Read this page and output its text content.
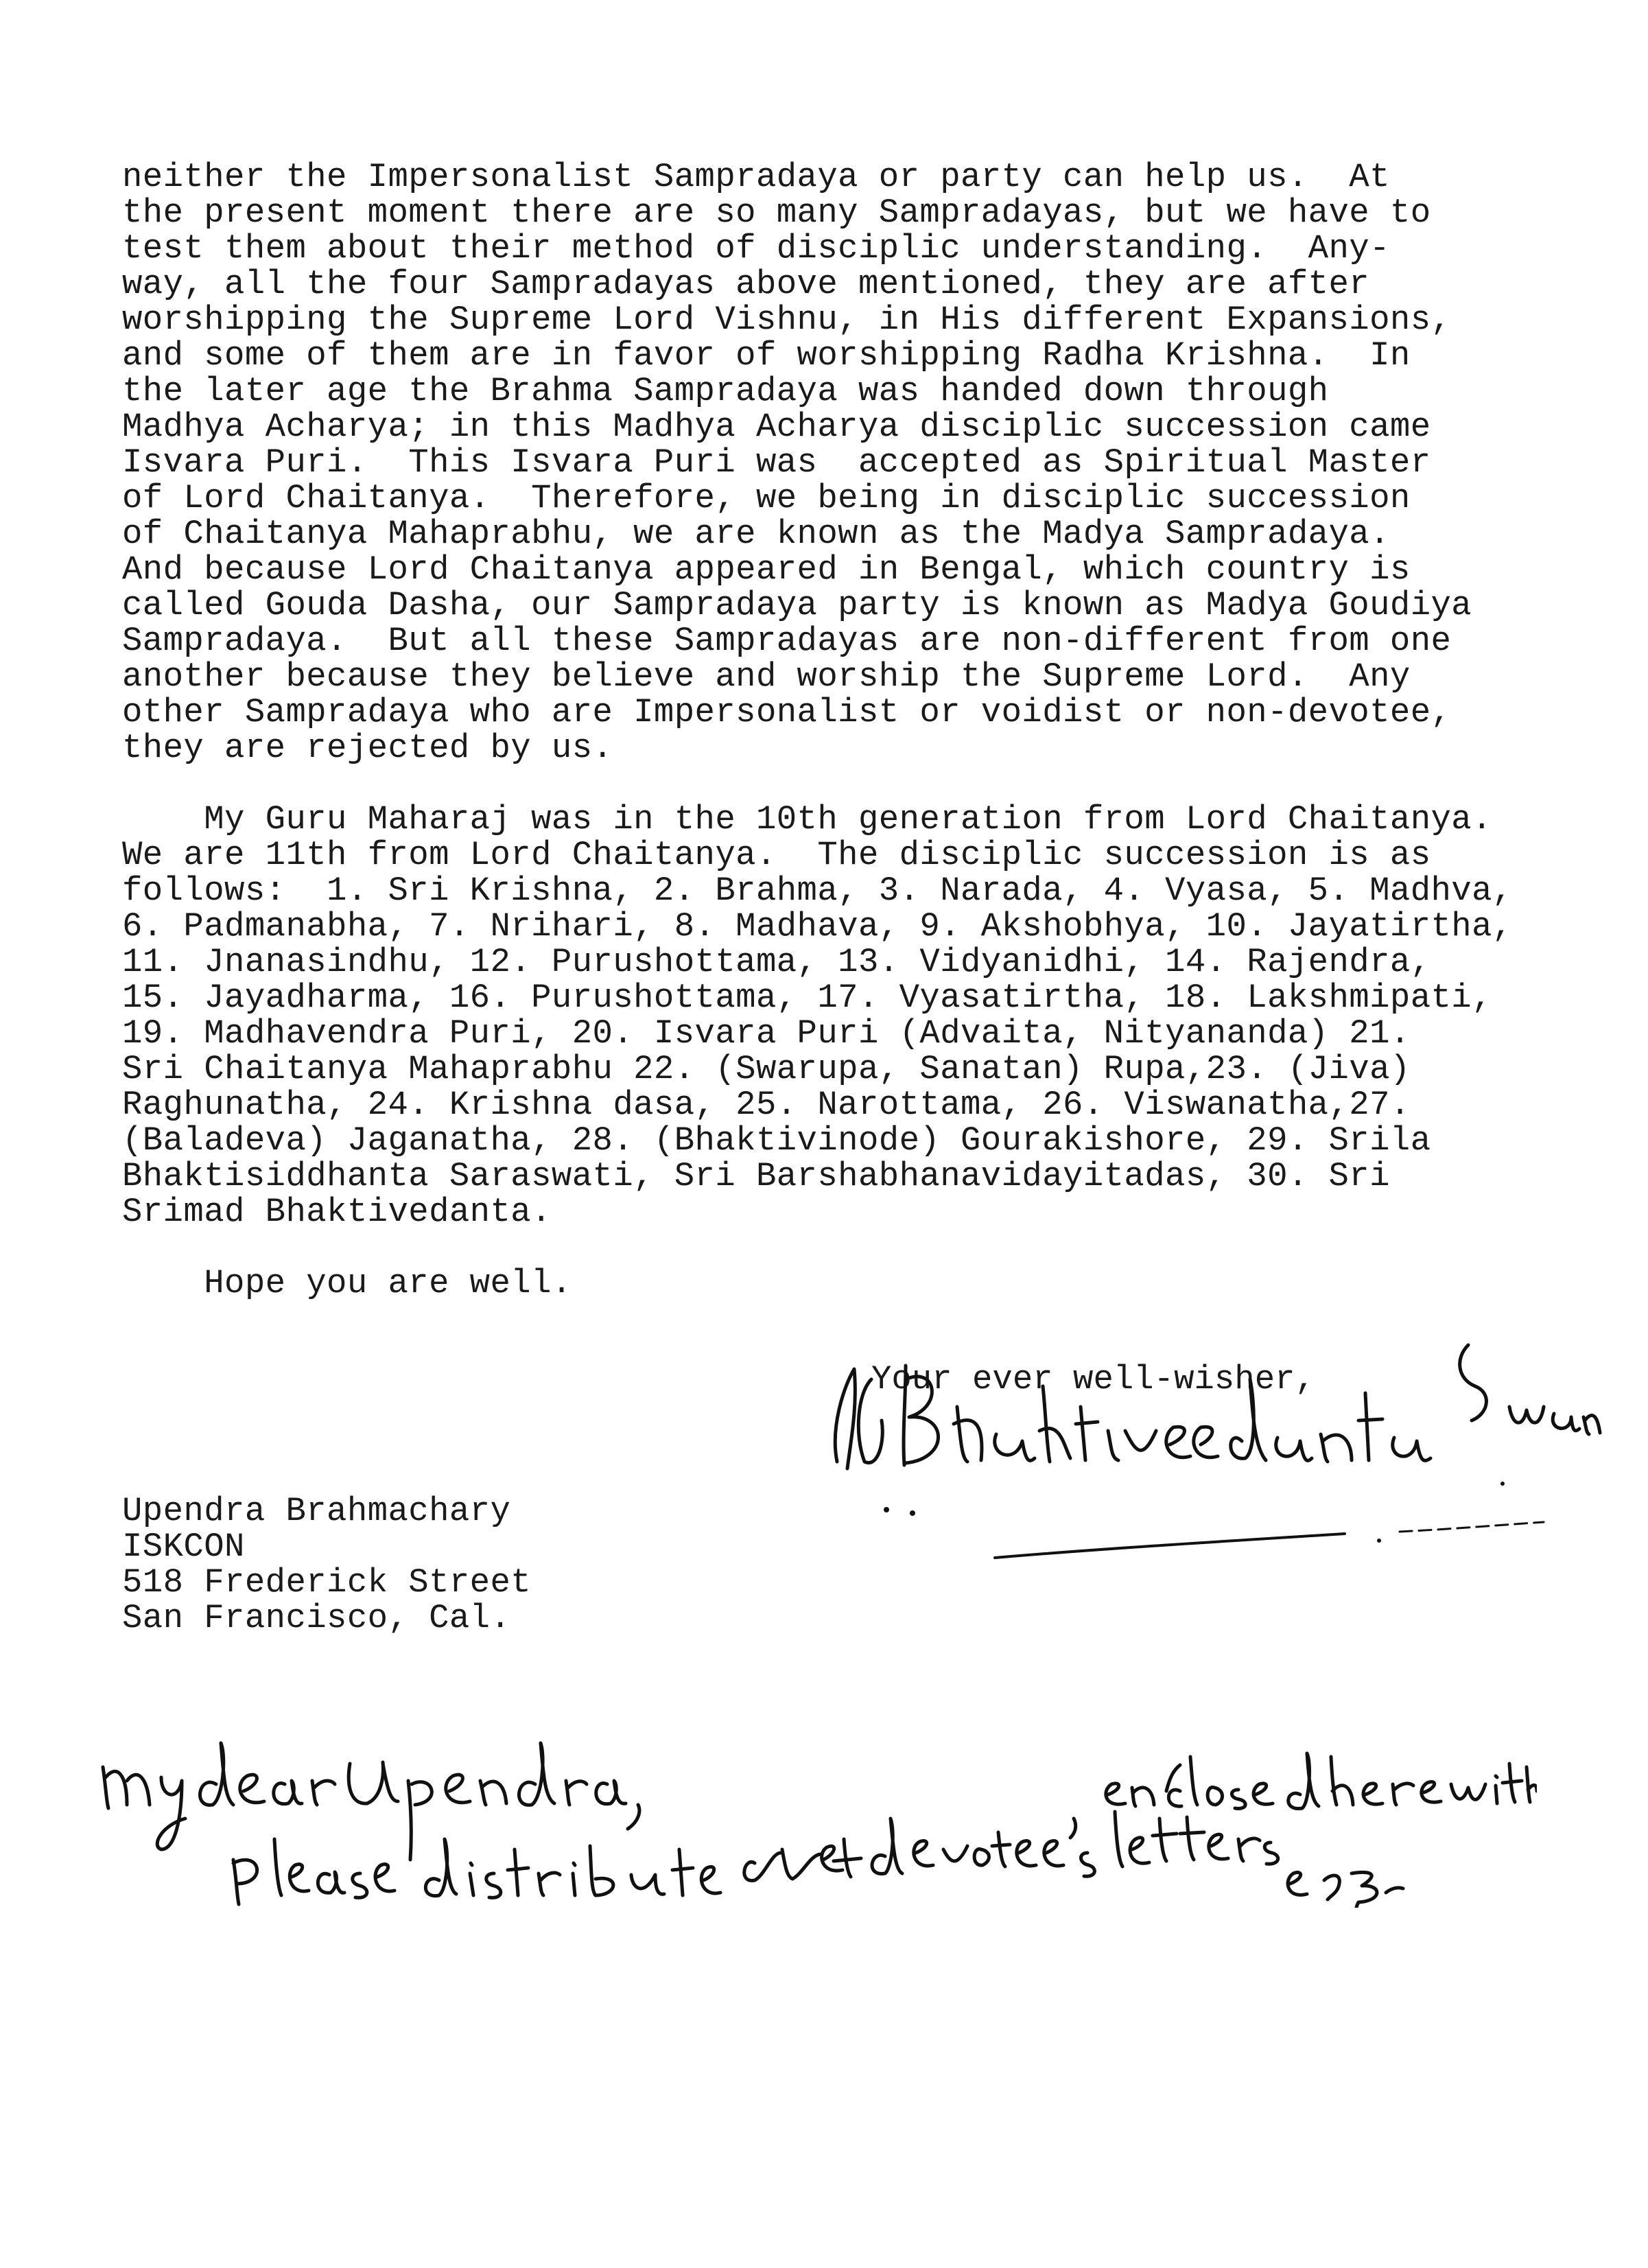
neither the Impersonalist Sampradaya or party can help us.  At

the present moment there are so many Sampradayas, but we have to

test them about their method of disciplic understanding.  Any-

way, all the four Sampradayas above mentioned, they are after

worshipping the Supreme Lord Vishnu, in His different Expansions,

and some of them are in favor of worshipping Radha Krishna.  In

the later age the Brahma Sampradaya was handed down through

Madhya Acharya; in this Madhya Acharya disciplic succession came

Isvara Puri.  This Isvara Puri was  accepted as Spiritual Master

of Lord Chaitanya.  Therefore, we being in disciplic succession

of Chaitanya Mahaprabhu, we are known as the Madya Sampradaya.

And because Lord Chaitanya appeared in Bengal, which country is

called Gouda Dasha, our Sampradaya party is known as Madya Goudiya

Sampradaya.  But all these Sampradayas are non-different from one

another because they believe and worship the Supreme Lord.  Any

other Sampradaya who are Impersonalist or voidist or non-devotee,

they are rejected by us.

My Guru Maharaj was in the 10th generation from Lord Chaitanya.

We are 11th from Lord Chaitanya.  The disciplic succession is as

follows:  1. Sri Krishna, 2. Brahma, 3. Narada, 4. Vyasa, 5. Madhva,

6. Padmanabha, 7. Nrihari, 8. Madhava, 9. Akshobhya, 10. Jayatirtha,

11. Jnanasindhu, 12. Purushottama, 13. Vidyanidhi, 14. Rajendra,

15. Jayadharma, 16. Purushottama, 17. Vyasatirtha, 18. Lakshmipati,

19. Madhavendra Puri, 20. Isvara Puri (Advaita, Nityananda) 21.

Sri Chaitanya Mahaprabhu 22. (Swarupa, Sanatan) Rupa,23. (Jiva)

Raghunatha, 24. Krishna dasa, 25. Narottama, 26. Viswanatha,27.

(Baladeva) Jaganatha, 28. (Bhaktivinode) Gourakishore, 29. Srila

Bhaktisiddhanta Saraswati, Sri Barshabhanavidayitadas, 30. Sri

Srimad Bhaktivedanta.

Hope you are well.

Your ever well-wisher,

Upendra Brahmachary

ISKCON

518 Frederick Street

San Francisco, Cal.
